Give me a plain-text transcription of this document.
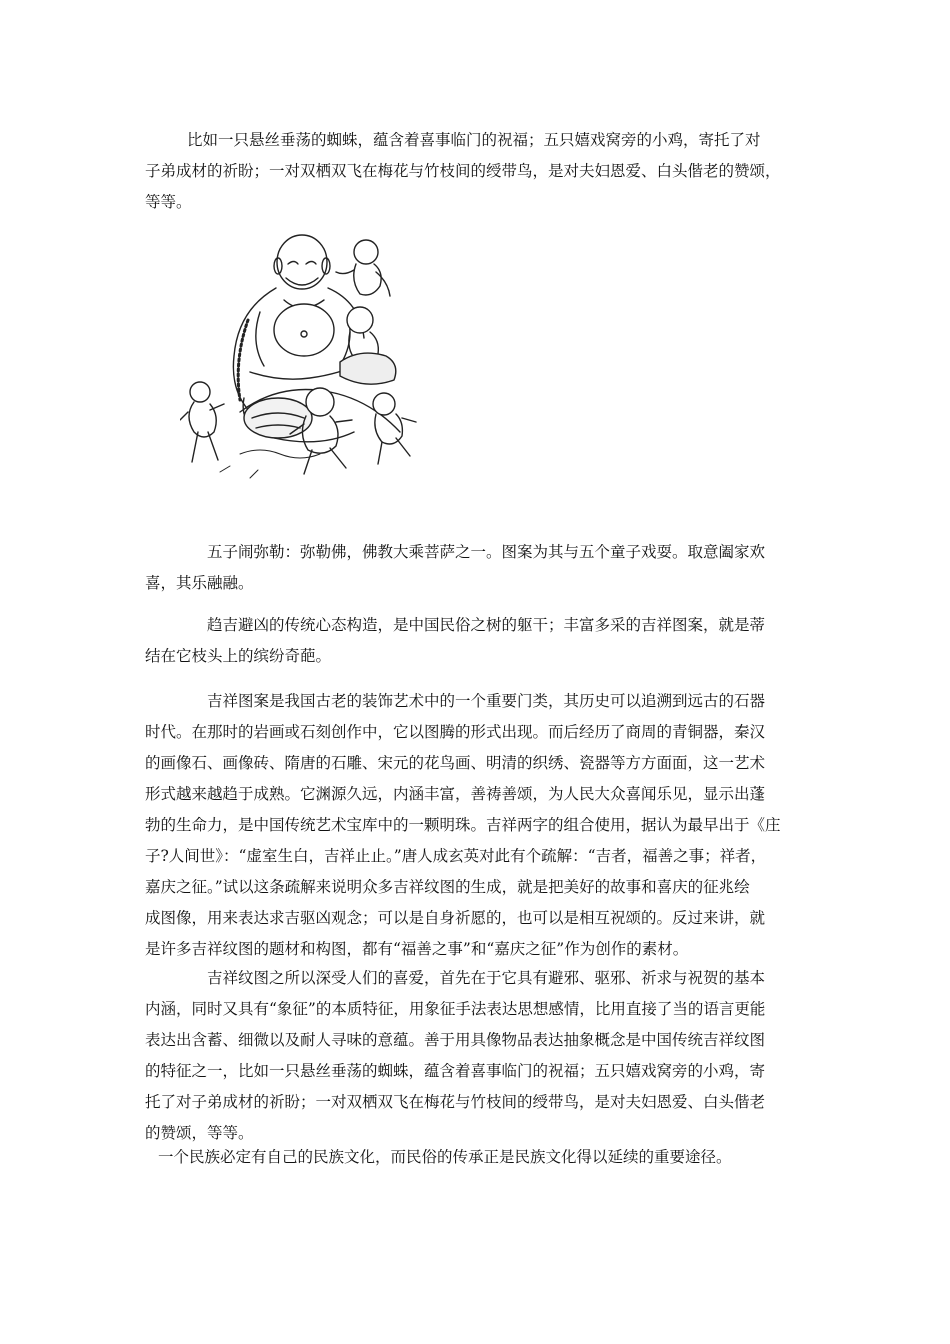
比如一只悬丝垂荡的蜘蛛，蕴含着喜事临门的祝福；五只嬉戏窝旁的小鸡，寄托了对
子弟成材的祈盼；一对双栖双飞在梅花与竹枝间的绶带鸟，是对夫妇恩爱、白头偕老的赞颂，
等等。
五子闹弥勒：弥勒佛，佛教大乘菩萨之一。图案为其与五个童子戏耍。取意阖家欢
喜，其乐融融。
趋吉避凶的传统心态构造，是中国民俗之树的躯干；丰富多采的吉祥图案，就是蒂
结在它枝头上的缤纷奇葩。
吉祥图案是我国古老的装饰艺术中的一个重要门类，其历史可以追溯到远古的石器
时代。在那时的岩画或石刻创作中，它以图腾的形式出现。而后经历了商周的青铜器，秦汉
的画像石、画像砖、隋唐的石雕、宋元的花鸟画、明清的织绣、瓷器等方方面面，这一艺术
形式越来越趋于成熟。它渊源久远，内涵丰富，善祷善颂，为人民大众喜闻乐见，显示出蓬
勃的生命力，是中国传统艺术宝库中的一颗明珠。吉祥两字的组合使用，据认为最早出于《庄
子?人间世》：“虚室生白，吉祥止止。”唐人成玄英对此有个疏解：“吉者，福善之事；祥者，
嘉庆之征。”试以这条疏解来说明众多吉祥纹图的生成，就是把美好的故事和喜庆的征兆绘
成图像，用来表达求吉驱凶观念；可以是自身祈愿的，也可以是相互祝颂的。反过来讲，就
是许多吉祥纹图的题材和构图，都有“福善之事”和“嘉庆之征”作为创作的素材。
吉祥纹图之所以深受人们的喜爱，首先在于它具有避邪、驱邪、祈求与祝贺的基本
内涵，同时又具有“象征”的本质特征，用象征手法表达思想感情，比用直接了当的语言更能
表达出含蓄、细微以及耐人寻味的意蕴。善于用具像物品表达抽象概念是中国传统吉祥纹图
的特征之一，比如一只悬丝垂荡的蜘蛛，蕴含着喜事临门的祝福；五只嬉戏窝旁的小鸡，寄
托了对子弟成材的祈盼；一对双栖双飞在梅花与竹枝间的绶带鸟，是对夫妇恩爱、白头偕老
的赞颂，等等。
一个民族必定有自己的民族文化，而民俗的传承正是民族文化得以延续的重要途径。
